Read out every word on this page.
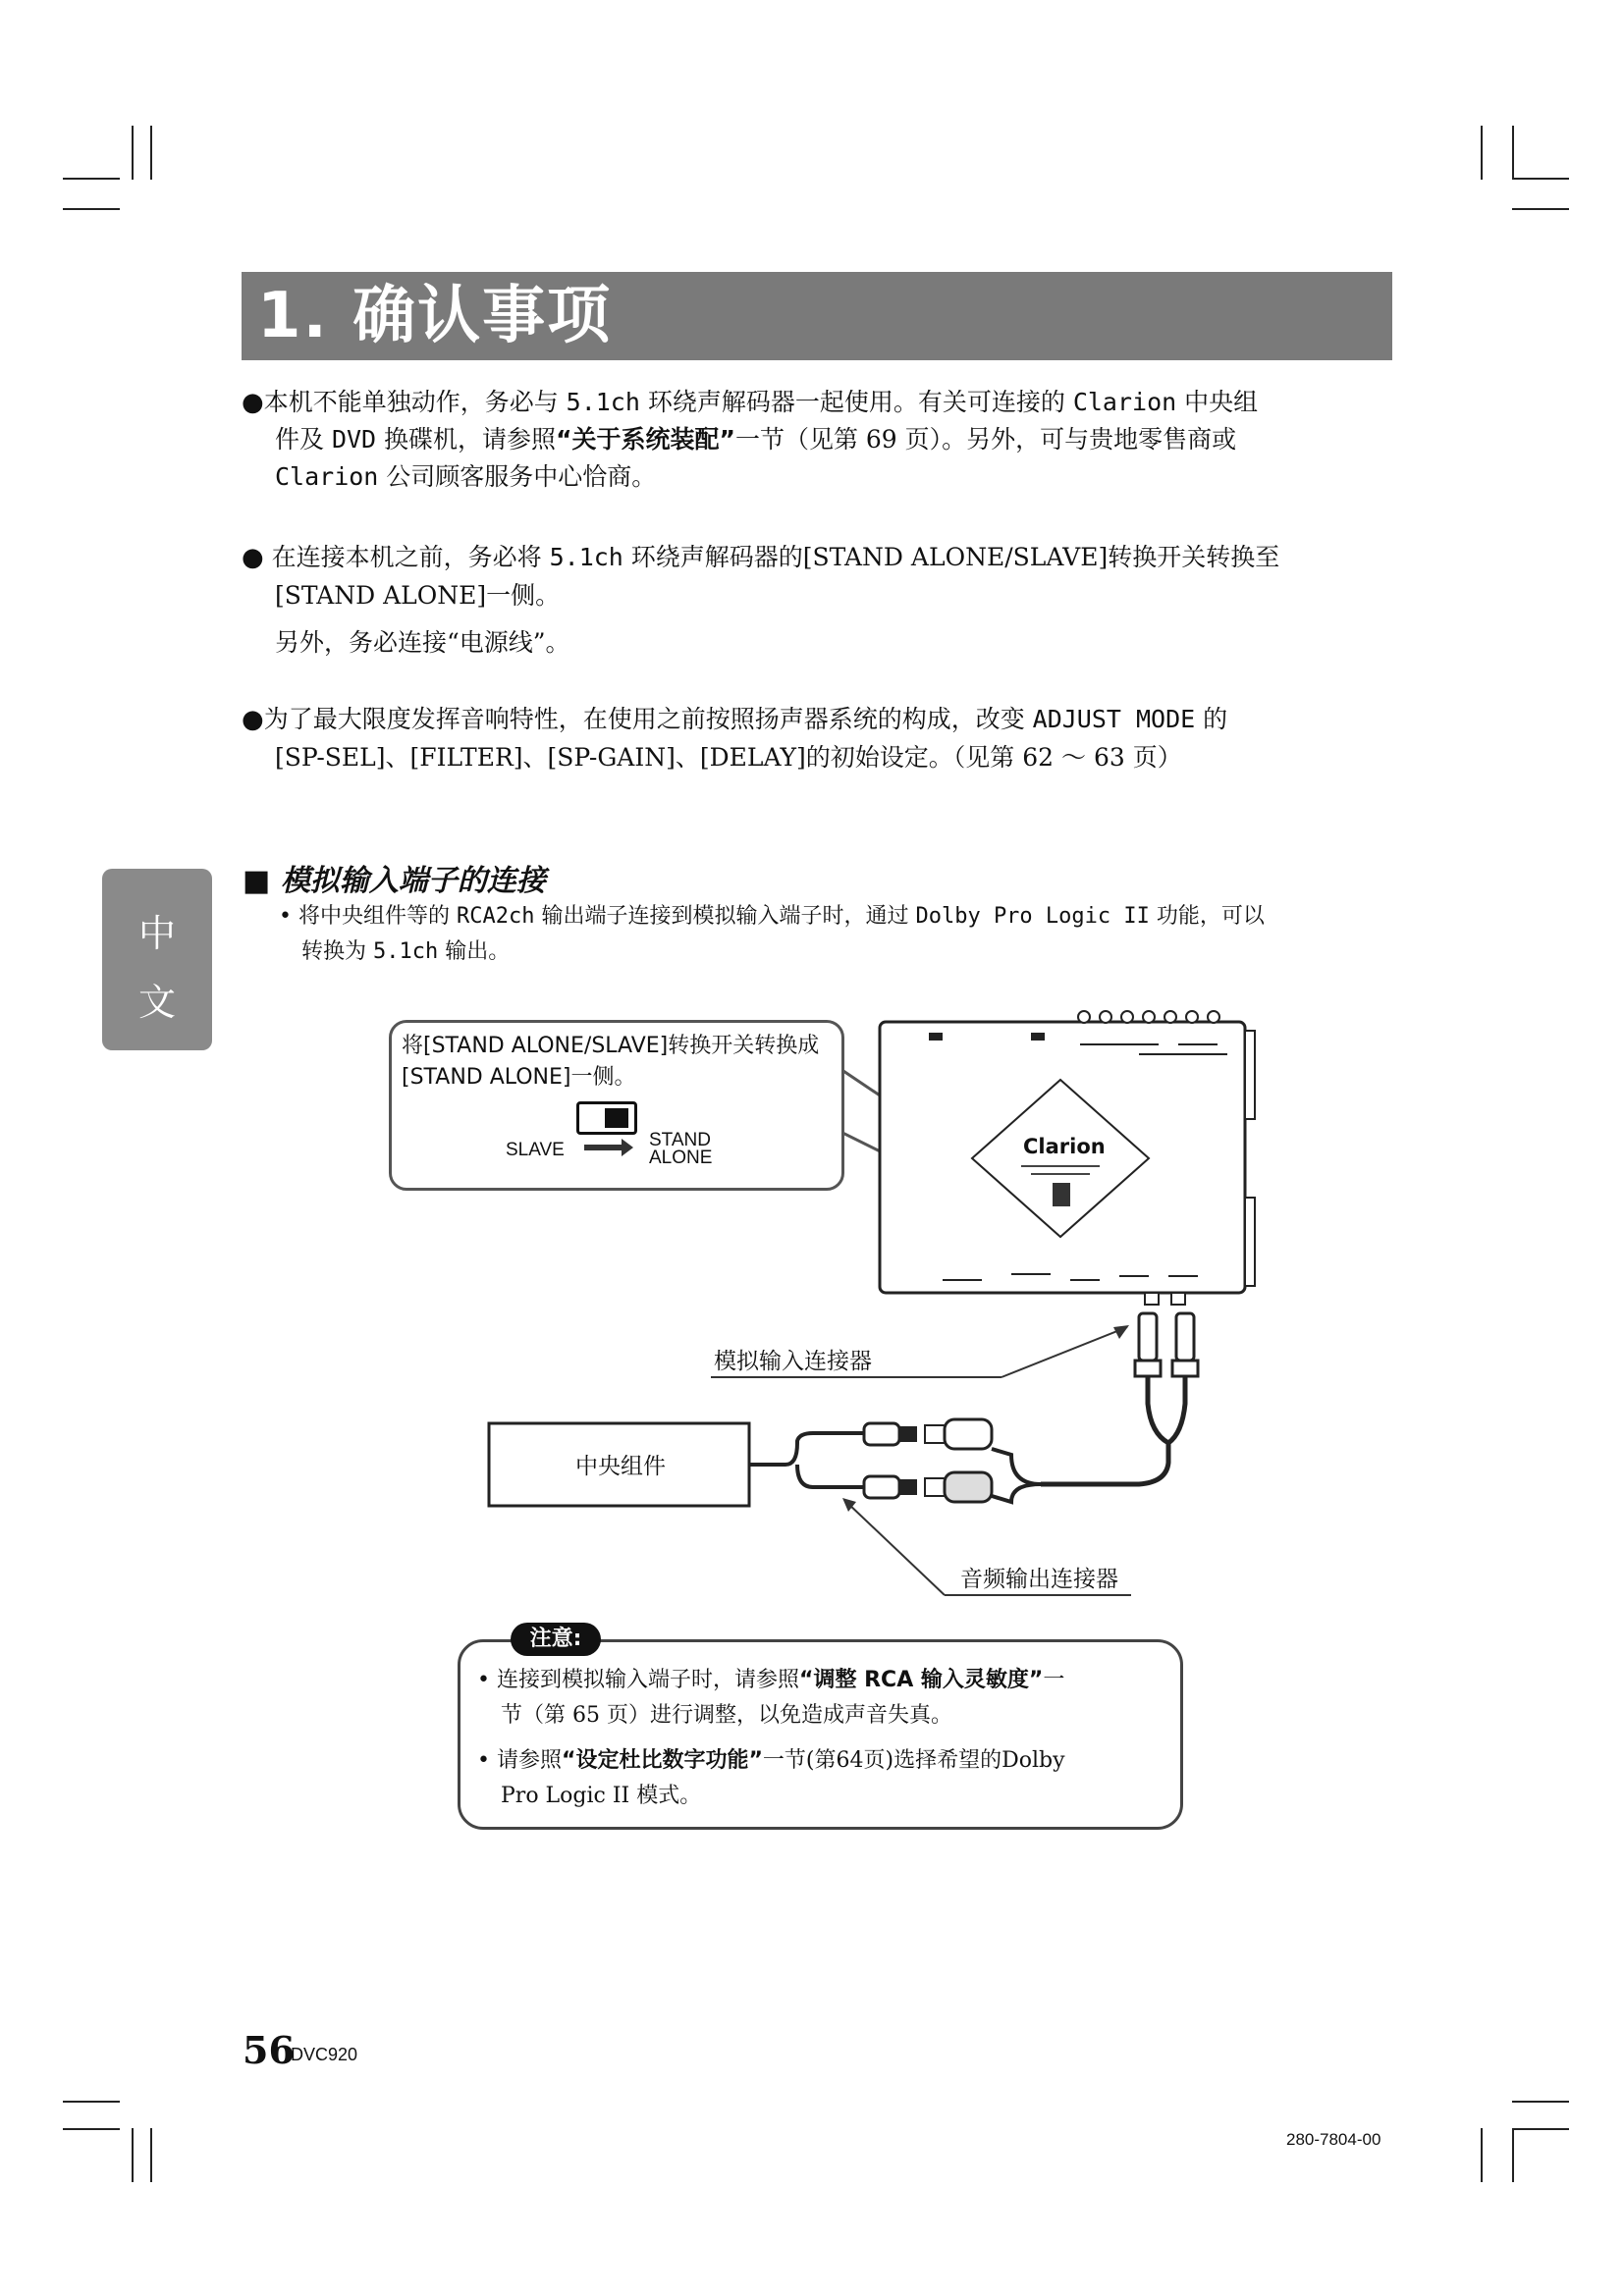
1. 确认事项
●本机不能单独动作，务必与 5.1ch 环绕声解码器一起使用。有关可连接的 Clarion 中央组
件及 DVD 换碟机，请参照“关于系统装配”一节（见第 69 页）。另外，可与贵地零售商或
Clarion 公司顾客服务中心恰商。
● 在连接本机之前，务必将 5.1ch 环绕声解码器的[STAND ALONE/SLAVE]转换开关转换至
[STAND ALONE]一侧。
另外，务必连接“电源线”。
●为了最大限度发挥音响特性，在使用之前按照扬声器系统的构成，改变 ADJUST MODE 的
[SP-SEL]、[FILTER]、[SP-GAIN]、[DELAY]的初始设定。（见第 62 ～ 63 页）
中
文
■ 模拟输入端子的连接
• 将中央组件等的 RCA2ch 输出端子连接到模拟输入端子时，通过 Dolby Pro Logic II 功能，可以
转换为 5.1ch 输出。
将[STAND ALONE/SLAVE]转换开关转换成
[STAND ALONE]一侧。
SLAVE	STAND
ALONE	Clarion
模拟输入连接器
中央组件
音频输出连接器
注意:
• 连接到模拟输入端子时，请参照“调整 RCA 输入灵敏度”一
节（第 65 页）进行调整，以免造成声音失真。
• 请参照“设定杜比数字功能”一节(第64页)选择希望的Dolby
Pro Logic II 模式。
56
DVC920
280-7804-00
